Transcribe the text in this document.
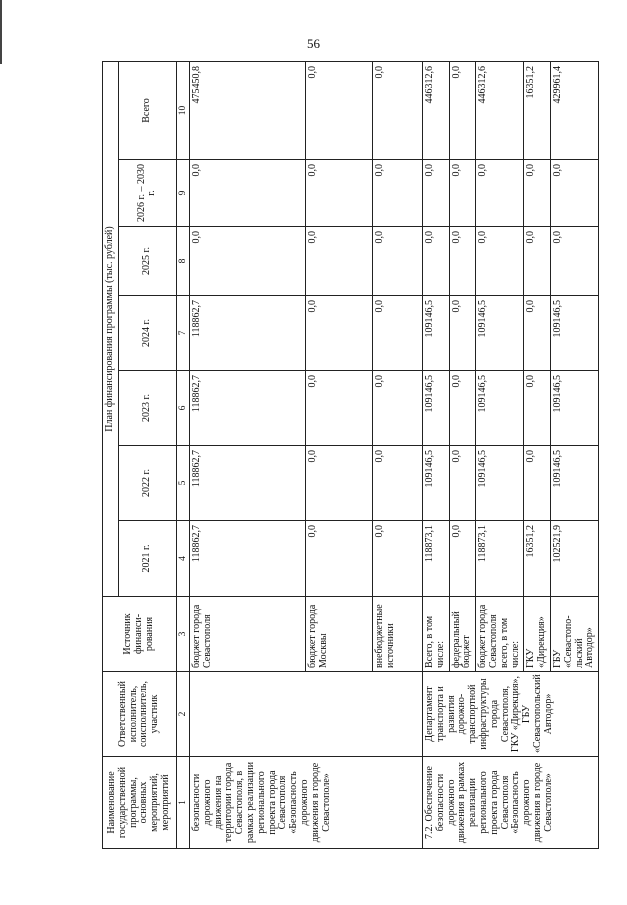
56
Наименование государственной программы, основных мероприятий, мероприятий	Ответственный исполнитель, соисполнитель, участник	Источник финанси-рования	План финансирования программы (тыс. рублей)						
			2021 г.	2022 г.	2023 г.	2024 г.	2025 г.	2026 г. – 2030 г.	Всего
1	2	3	4	5	6	7	8	9	10
безопасности дорожного движения на территории города Севастополя, в рамках реализации регионального проекта города Севастополя «Безопасность дорожного движения в городе Севастополе»		бюджет города Севастополя	118862,7	118862,7	118862,7	118862,7	0,0	0,0	475450,8
		бюджет города Москвы	0,0	0,0	0,0	0,0	0,0	0,0	0,0
		внебюджетные источники	0,0	0,0	0,0	0,0	0,0	0,0	0,0
7.2. Обеспечение безопасности дорожного движения в рамках реализации регионального проекта города Севастополя «Безопасность дорожного движения в городе Севастополе»	Департамент транспорта и развития дорожно-транспортной инфраструктуры города Севастополя, ГКУ «Дирекция», ГБУ «Севастопольский Автодор»	Всего, в том числе:	118873,1	109146,5	109146,5	109146,5	0,0	0,0	446312,6
		федеральный бюджет	0,0	0,0	0,0	0,0	0,0	0,0	0,0
		бюджет города Севастополя всего, в том числе:	118873,1	109146,5	109146,5	109146,5	0,0	0,0	446312,6
		ГКУ «Дирекция»	16351,2	0,0	0,0	0,0	0,0	0,0	16351,2
		ГБУ «Севастопо-льский Автодор»	102521,9	109146,5	109146,5	109146,5	0,0	0,0	429961,4
